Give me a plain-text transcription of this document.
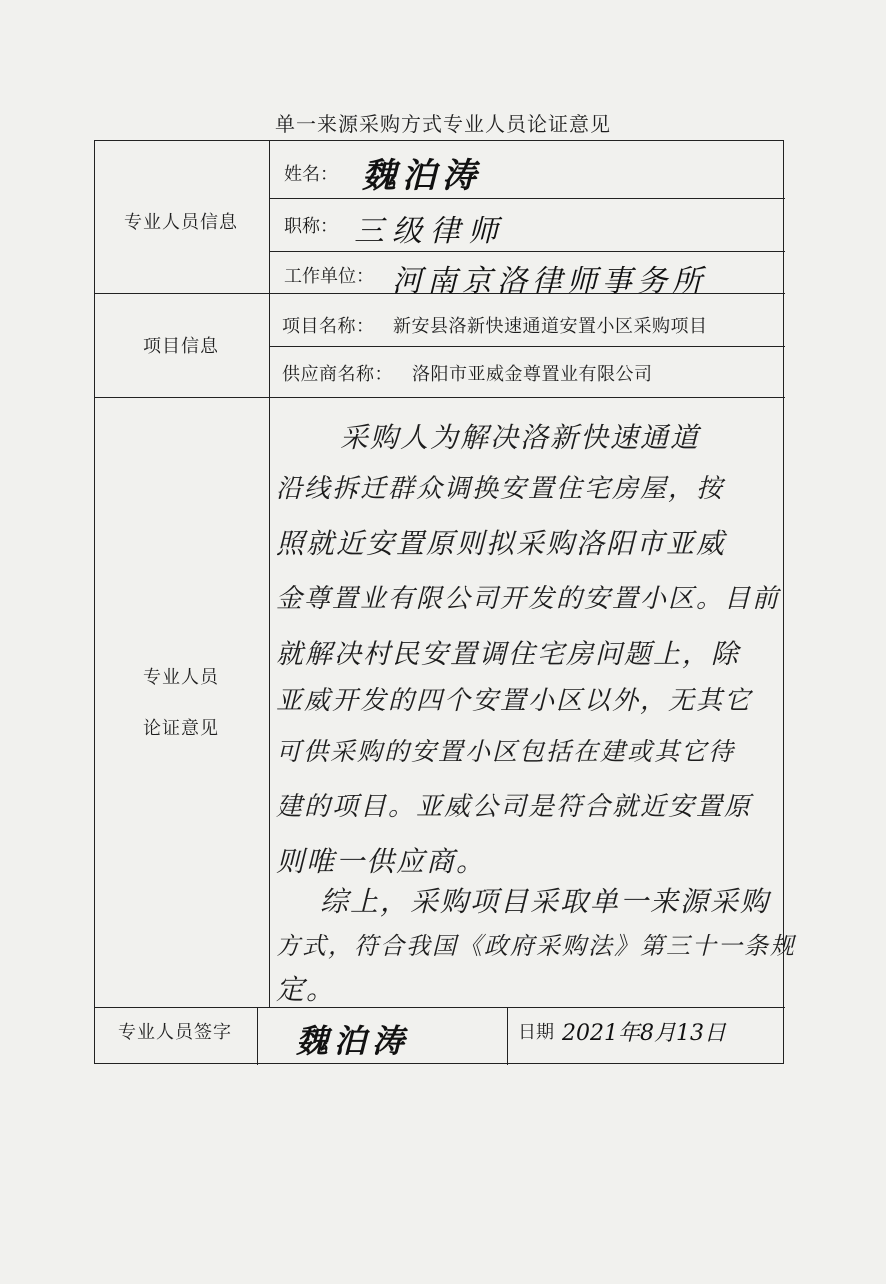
单一来源采购方式专业人员论证意见
专业人员信息
项目信息
专业人员
论证意见
专业人员签字
姓名： 魏泊涛
职称： 三级律师
工作单位： 河南京洛律师事务所
项目名称： 新安县洛新快速通道安置小区采购项目
供应商名称： 洛阳市亚威金尊置业有限公司
采购人为解决洛新快速通道
沿线拆迁群众调换安置住宅房屋，按
照就近安置原则拟采购洛阳市亚威
金尊置业有限公司开发的安置小区。目前
就解决村民安置调住宅房问题上，除
亚威开发的四个安置小区以外，无其它
可供采购的安置小区包括在建或其它待
建的项目。亚威公司是符合就近安置原
则唯一供应商。
综上，采购项目采取单一来源采购
方式，符合我国《政府采购法》第三十一条规
定。
魏泊涛	日期 2021年8月13日
